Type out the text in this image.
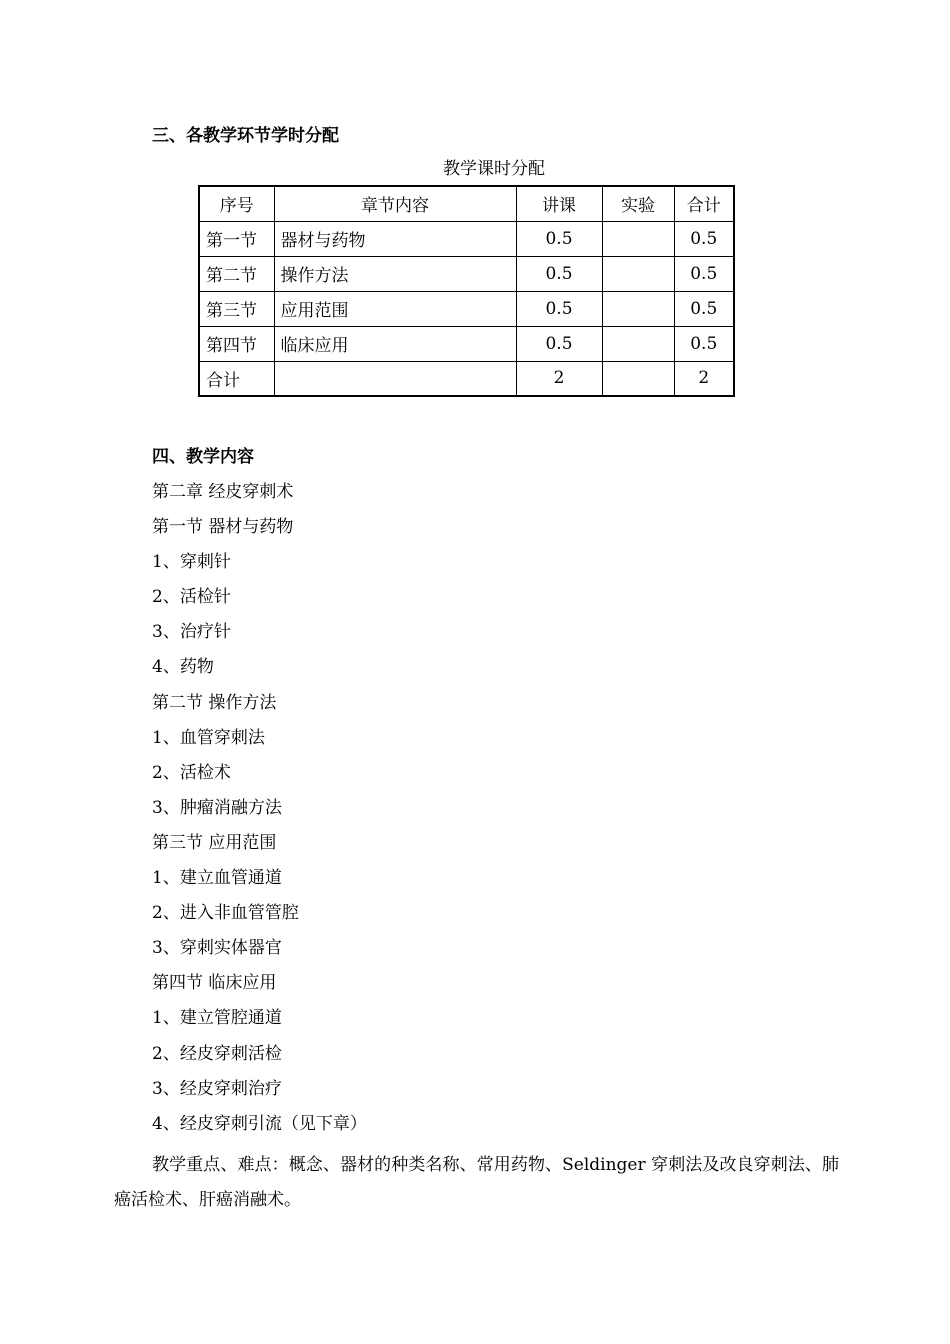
三、各教学环节学时分配
教学课时分配
序号	章节内容	讲课	实验	合计
第一节	器材与药物	0.5		0.5
第二节	操作方法	0.5		0.5
第三节	应用范围	0.5		0.5
第四节	临床应用	0.5		0.5
合计		2		2
四、教学内容
第二章 经皮穿刺术
第一节 器材与药物
1、穿刺针
2、活检针
3、治疗针
4、药物
第二节 操作方法
1、血管穿刺法
2、活检术
3、肿瘤消融方法
第三节 应用范围
1、建立血管通道
2、进入非血管管腔
3、穿刺实体器官
第四节 临床应用
1、建立管腔通道
2、经皮穿刺活检
3、经皮穿刺治疗
4、经皮穿刺引流（见下章）

教学重点、难点：概念、器材的种类名称、常用药物、Seldinger 穿刺法及改良穿刺法、肺癌活检术、肝癌消融术。
